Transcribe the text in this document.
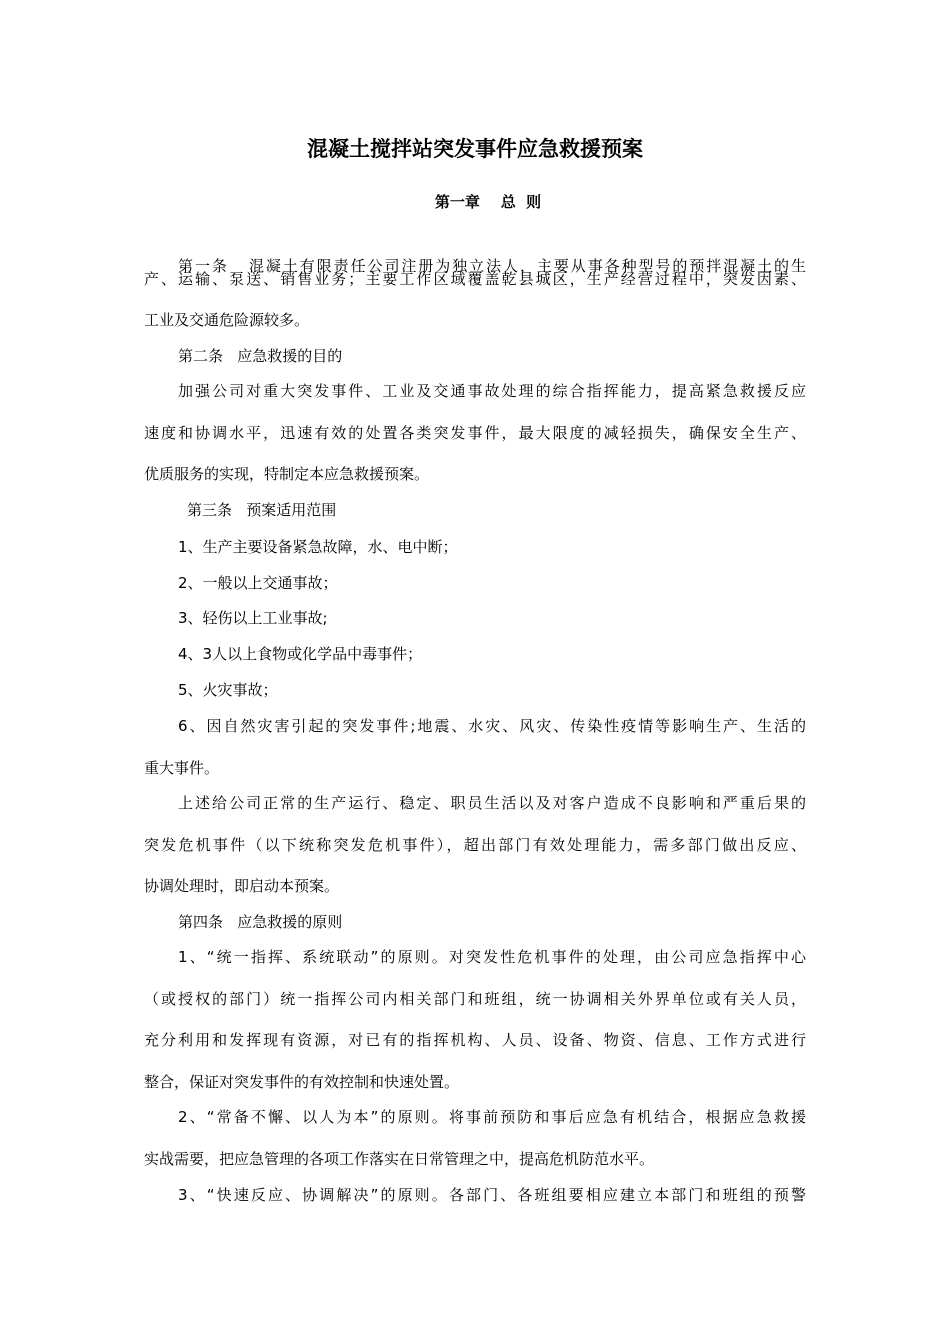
混凝土搅拌站突发事件应急救援预案
第一章    总  则
第一条   混凝土有限责任公司注册为独立法人，主要从事各种型号的预拌混凝土的生
产、运输、泵送、销售业务；主要工作区域覆盖乾县城区，生产经营过程中，突发因素、
工业及交通危险源较多。
第二条   应急救援的目的
加强公司对重大突发事件、工业及交通事故处理的综合指挥能力，提高紧急救援反应
速度和协调水平，迅速有效的处置各类突发事件，最大限度的减轻损失，确保安全生产、
优质服务的实现，特制定本应急救援预案。
第三条   预案适用范围
1、生产主要设备紧急故障，水、电中断；
2、一般以上交通事故；
3、轻伤以上工业事故;
4、3人以上食物或化学品中毒事件；
5、火灾事故；
6、因自然灾害引起的突发事件;地震、水灾、风灾、传染性疫情等影响生产、生活的
重大事件。
上述给公司正常的生产运行、稳定、职员生活以及对客户造成不良影响和严重后果的
突发危机事件（以下统称突发危机事件），超出部门有效处理能力，需多部门做出反应、
协调处理时，即启动本预案。
第四条   应急救援的原则
1、“统一指挥、系统联动”的原则。对突发性危机事件的处理，由公司应急指挥中心
（或授权的部门）统一指挥公司内相关部门和班组，统一协调相关外界单位或有关人员，
充分利用和发挥现有资源，对已有的指挥机构、人员、设备、物资、信息、工作方式进行
整合，保证对突发事件的有效控制和快速处置。
2、“常备不懈、以人为本”的原则。将事前预防和事后应急有机结合，根据应急救援
实战需要，把应急管理的各项工作落实在日常管理之中，提高危机防范水平。
3、“快速反应、协调解决”的原则。各部门、各班组要相应建立本部门和班组的预警
